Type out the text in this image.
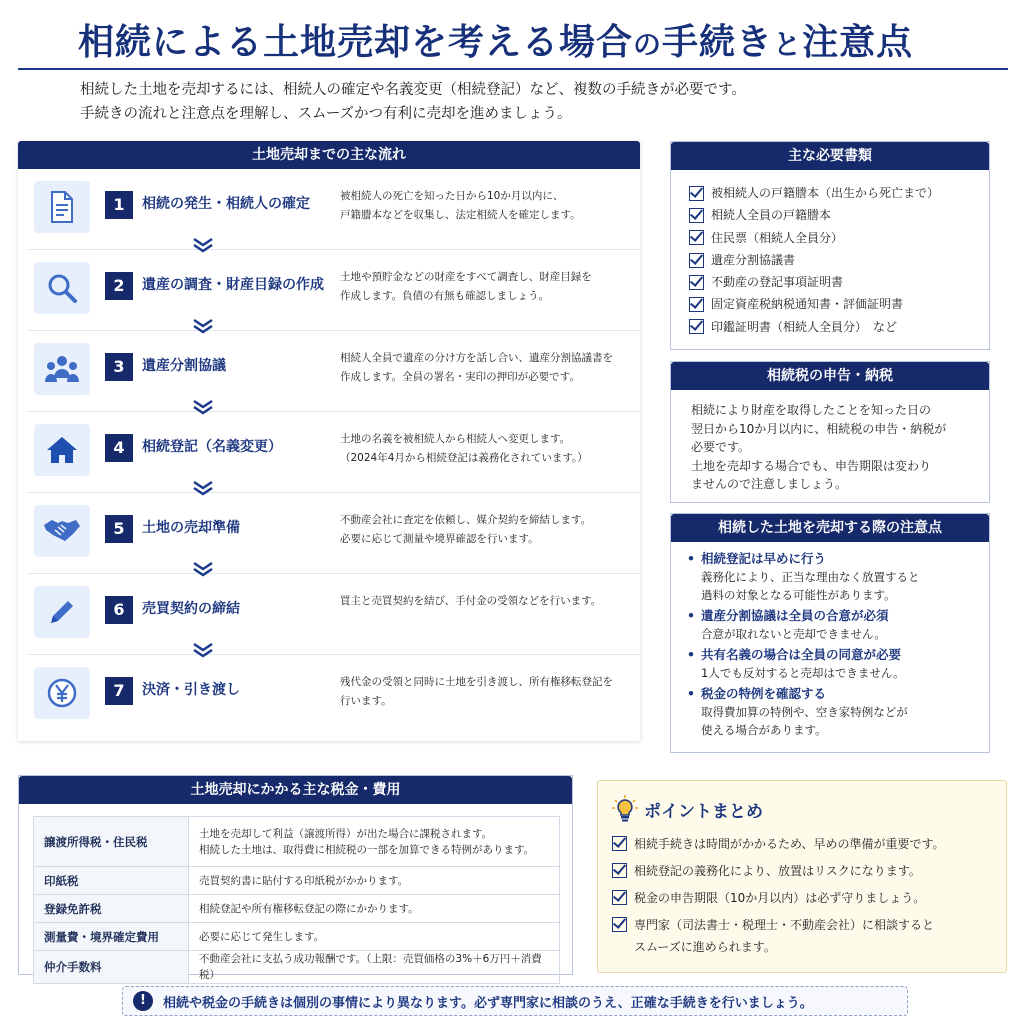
相続による土地売却を考える場合の手続きと注意点
相続した土地を売却するには、相続人の確定や名義変更（相続登記）など、複数の手続きが必要です。
手続きの流れと注意点を理解し、スムーズかつ有利に売却を進めましょう。
土地売却までの主な流れ
1	相続の発生・相続人の確定	被相続人の死亡を知った日から10か月以内に、
戸籍謄本などを収集し、法定相続人を確定します。
2	遺産の調査・財産目録の作成	土地や預貯金などの財産をすべて調査し、財産目録を
作成します。負債の有無も確認しましょう。
3	遺産分割協議	相続人全員で遺産の分け方を話し合い、遺産分割協議書を
作成します。全員の署名・実印の押印が必要です。
4	相続登記（名義変更）	土地の名義を被相続人から相続人へ変更します。
（2024年4月から相続登記は義務化されています。）
5	土地の売却準備	不動産会社に査定を依頼し、媒介契約を締結します。
必要に応じて測量や境界確認を行います。
6	売買契約の締結	買主と売買契約を結び、手付金の受領などを行います。
7	決済・引き渡し	残代金の受領と同時に土地を引き渡し、所有権移転登記を
行います。
主な必要書類
被相続人の戸籍謄本（出生から死亡まで）
相続人全員の戸籍謄本
住民票（相続人全員分）
遺産分割協議書
不動産の登記事項証明書
固定資産税納税通知書・評価証明書
印鑑証明書（相続人全員分）　など
相続税の申告・納税

相続により財産を取得したことを知った日の
翌日から10か月以内に、相続税の申告・納税が
必要です。
土地を売却する場合でも、申告期限は変わり
ませんので注意しましょう。

相続した土地を売却する際の注意点
• 相続登記は早めに行う
義務化により、正当な理由なく放置すると
過料の対象となる可能性があります。
• 遺産分割協議は全員の合意が必須
合意が取れないと売却できません。
• 共有名義の場合は全員の同意が必要
1人でも反対すると売却はできません。
• 税金の特例を確認する
取得費加算の特例や、空き家特例などが
使える場合があります。
土地売却にかかる主な税金・費用
譲渡所得税・住民税	土地を売却して利益（譲渡所得）が出た場合に課税されます。
相続した土地は、取得費に相続税の一部を加算できる特例があります。

印紙税	売買契約書に貼付する印紙税がかかります。
登録免許税	相続登記や所有権移転登記の際にかかります。
測量費・境界確定費用	必要に応じて発生します。
仲介手数料	不動産会社に支払う成功報酬です。（上限：売買価格の3%＋6万円＋消費税）
ポイントまとめ
相続手続きは時間がかかるため、早めの準備が重要です。
相続登記の義務化により、放置はリスクになります。
税金の申告期限（10か月以内）は必ず守りましょう。
専門家（司法書士・税理士・不動産会社）に相談すると
スムーズに進められます。
!	相続や税金の手続きは個別の事情により異なります。必ず専門家に相談のうえ、正確な手続きを行いましょう。
